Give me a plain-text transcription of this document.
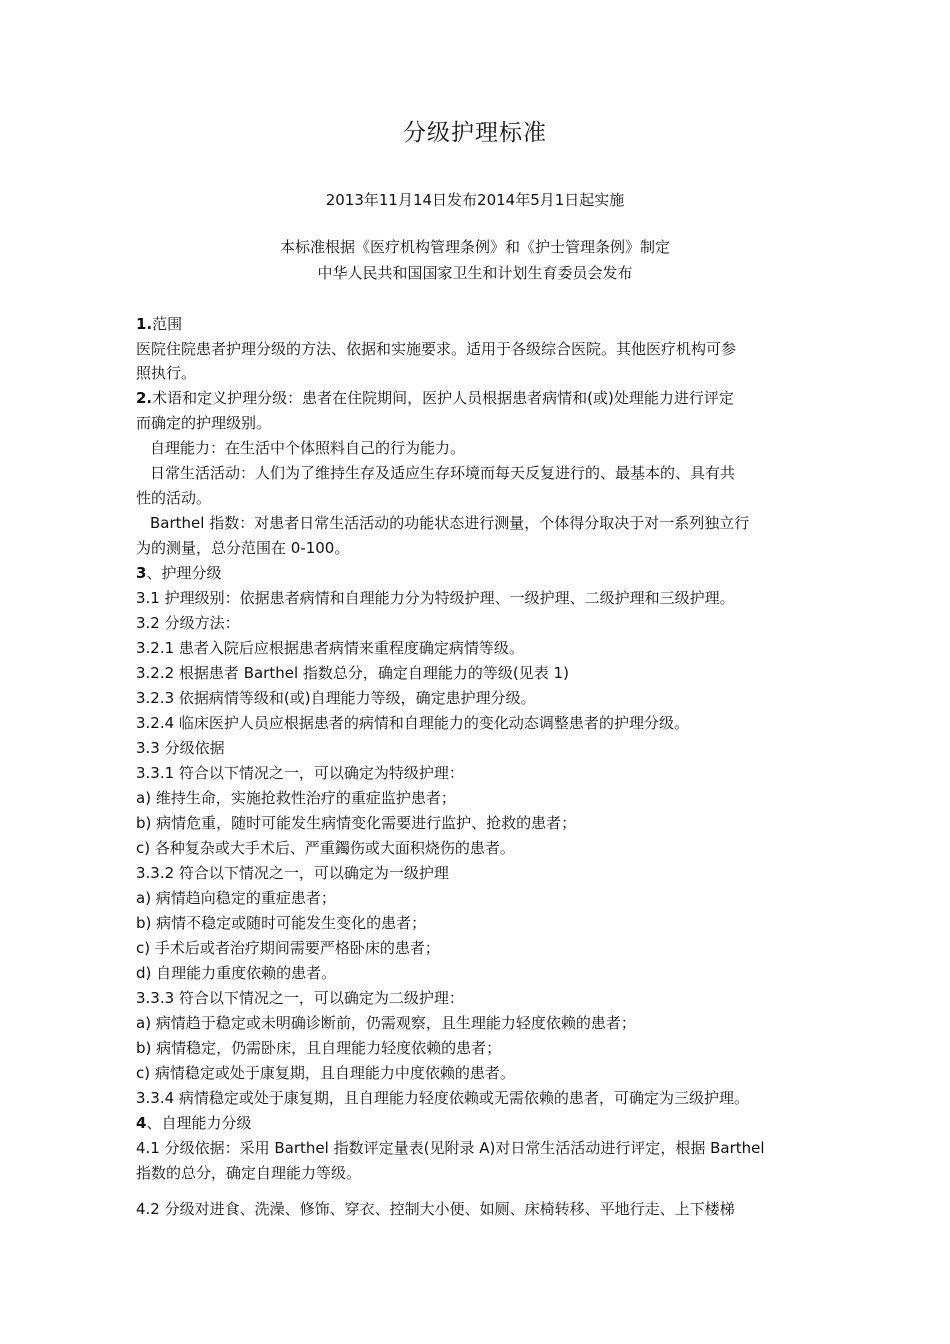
分级护理标准
2013年11月14日发布2014年5月1日起实施
本标准根据《医疗机构管理条例》和《护士管理条例》制定
中华人民共和国国家卫生和计划生育委员会发布
1.范围
医院住院患者护理分级的方法、依据和实施要求。适用于各级综合医院。其他医疗机构可参
照执行。
2.术语和定义护理分级：患者在住院期间，医护人员根据患者病情和(或)处理能力进行评定
而确定的护理级别。
自理能力：在生活中个体照料自己的行为能力。
日常生活活动：人们为了维持生存及适应生存环境而每天反复进行的、最基本的、具有共
性的活动。
Barthel 指数：对患者日常生活活动的功能状态进行测量，个体得分取决于对一系列独立行
为的测量，总分范围在 0-100。
3、护理分级
3.1 护理级别：依据患者病情和自理能力分为特级护理、一级护理、二级护理和三级护理。
3.2 分级方法：
3.2.1 患者入院后应根据患者病情来重程度确定病情等级。
3.2.2 根据患者 Barthel 指数总分，确定自理能力的等级(见表 1)
3.2.3 依据病情等级和(或)自理能力等级，确定患护理分级。
3.2.4 临床医护人员应根据患者的病情和自理能力的变化动态调整患者的护理分级。
3.3 分级依据
3.3.1 符合以下情况之一，可以确定为特级护理：
a) 维持生命，实施抢救性治疗的重症监护患者；
b) 病情危重，随时可能发生病情变化需要进行监护、抢救的患者；
c) 各种复杂或大手术后、严重鐲伤或大面积烧伤的患者。
3.3.2 符合以下情况之一，可以确定为一级护理
a) 病情趋向稳定的重症患者；
b) 病情不稳定或随时可能发生变化的患者；
c) 手术后或者治疗期间需要严格卧床的患者；
d) 自理能力重度依赖的患者。
3.3.3 符合以下情况之一，可以确定为二级护理：
a) 病情趋于稳定或未明确诊断前，仍需观察，且生理能力轻度依赖的患者；
b) 病情稳定，仍需卧床，且自理能力轻度依赖的患者；
c) 病情稳定或处于康复期，且自理能力中度依赖的患者。
3.3.4 病情稳定或处于康复期，且自理能力轻度依赖或无需依赖的患者，可确定为三级护理。
4、自理能力分级
4.1 分级依据：采用 Barthel 指数评定量表(见附录 A)对日常生活活动进行评定，根据 Barthel
指数的总分，确定自理能力等级。
4.2 分级对进食、洗澡、修饰、穿衣、控制大小便、如厕、床椅转移、平地行走、上下楼梯
